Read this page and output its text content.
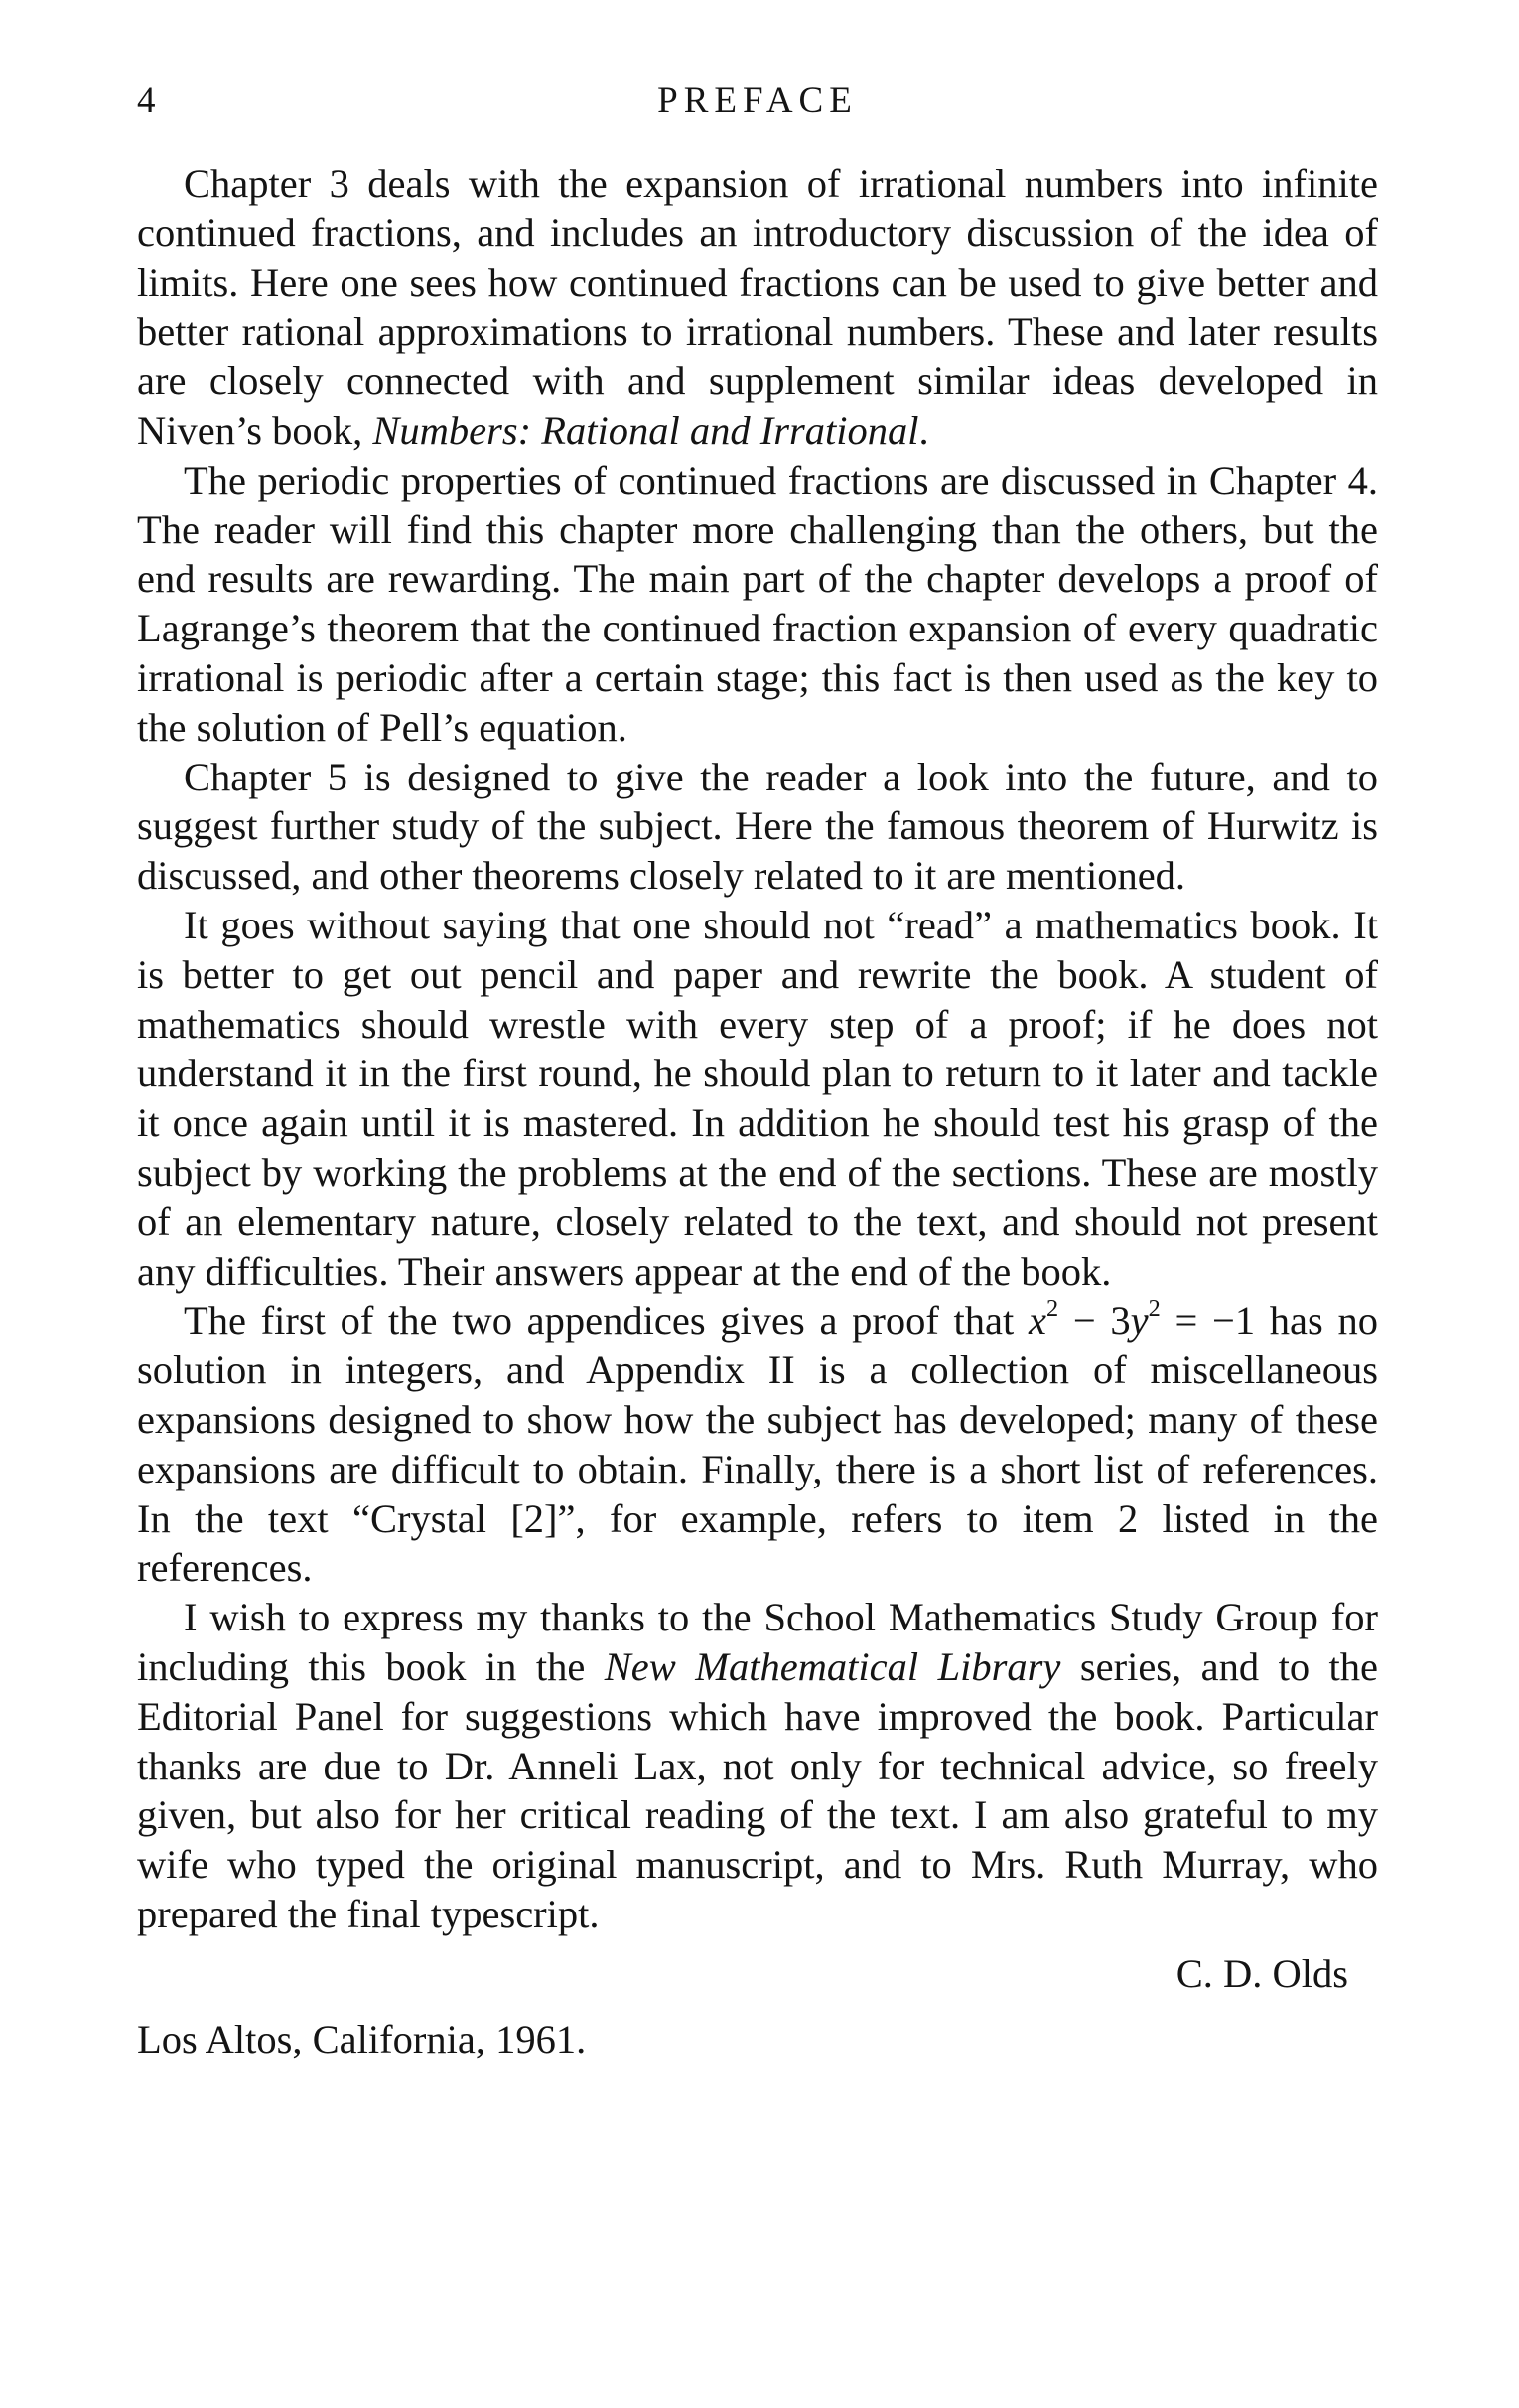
4	PREFACE

Chapter 3 deals with the expansion of irrational numbers into infinite continued fractions, and includes an introductory discussion of the idea of limits. Here one sees how continued fractions can be used to give better and better rational approximations to irrational numbers. These and later results are closely connected with and supplement similar ideas developed in Niven’s book, Numbers: Rational and Irrational.

The periodic properties of continued fractions are discussed in Chapter 4. The reader will find this chapter more challenging than the others, but the end results are rewarding. The main part of the chapter develops a proof of Lagrange’s theorem that the continued fraction expansion of every quadratic irrational is periodic after a certain stage; this fact is then used as the key to the solution of Pell’s equation.

Chapter 5 is designed to give the reader a look into the future, and to suggest further study of the subject. Here the famous theorem of Hurwitz is discussed, and other theorems closely related to it are mentioned.

It goes without saying that one should not “read” a mathematics book. It is better to get out pencil and paper and rewrite the book. A student of mathematics should wrestle with every step of a proof; if he does not understand it in the first round, he should plan to return to it later and tackle it once again until it is mastered. In addition he should test his grasp of the subject by working the problems at the end of the sections. These are mostly of an elementary nature, closely related to the text, and should not present any difficulties. Their answers appear at the end of the book.

The first of the two appendices gives a proof that $x^2 - 3y^2 = -1$ has no solution in integers, and Appendix II is a collection of miscellaneous expansions designed to show how the subject has developed; many of these expansions are difficult to obtain. Finally, there is a short list of references. In the text “Crystal [2]”, for example, refers to item 2 listed in the references.

I wish to express my thanks to the School Mathematics Study Group for including this book in the New Mathematical Library series, and to the Editorial Panel for suggestions which have improved the book. Particular thanks are due to Dr. Anneli Lax, not only for technical advice, so freely given, but also for her critical reading of the text. I am also grateful to my wife who typed the original manuscript, and to Mrs. Ruth Murray, who prepared the final typescript.

C. D. Olds
Los Altos, California, 1961.
